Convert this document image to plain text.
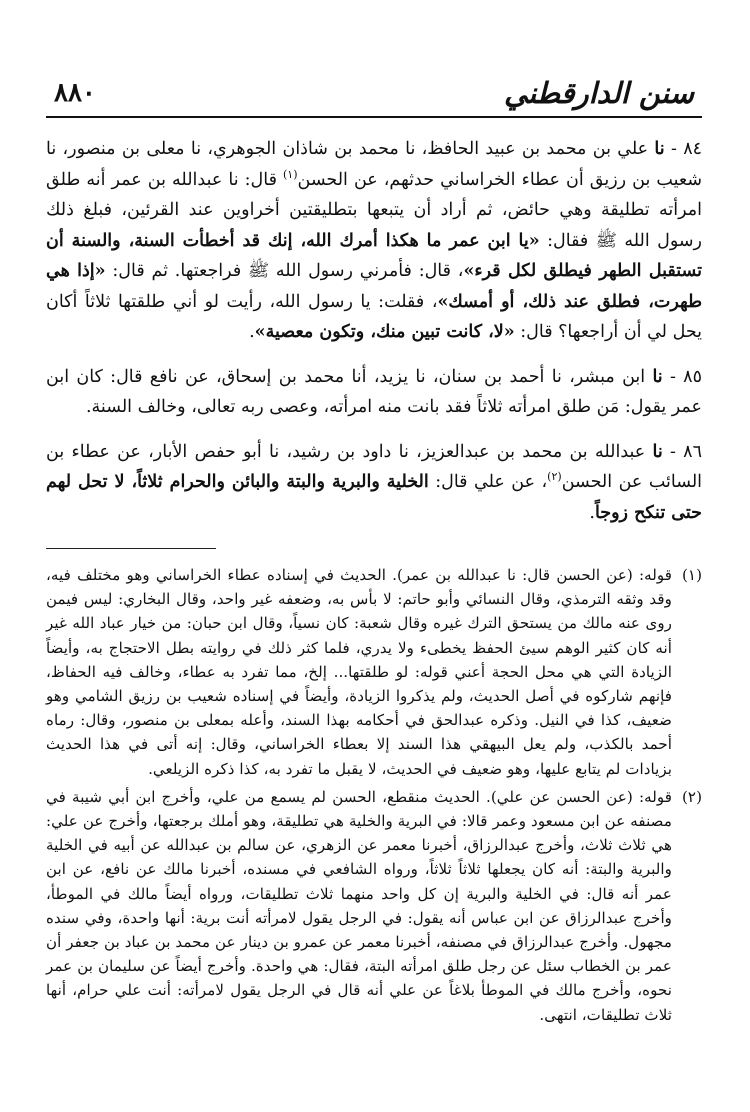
سنن الدارقطني
٨٨٠

٨٤ - نا علي بن محمد بن عبيد الحافظ، نا محمد بن شاذان الجوهري، نا معلى بن منصور، نا شعيب بن رزيق أن عطاء الخراساني حدثهم، عن الحسن$^{(١)}$ قال: نا عبدالله بن عمر أنه طلق امرأته تطليقة وهي حائض، ثم أراد أن يتبعها بتطليقتين أخراوين عند القرئين، فبلغ ذلك رسول الله ﷺ فقال: «يا ابن عمر ما هكذا أمرك الله، إنك قد أخطأت السنة، والسنة أن تستقبل الطهر فيطلق لكل قرء»، قال: فأمرني رسول الله ﷺ فراجعتها. ثم قال: «إذا هي طهرت، فطلق عند ذلك، أو أمسك»، فقلت: يا رسول الله، رأيت لو أني طلقتها ثلاثاً أكان يحل لي أن أراجعها؟ قال: «لا، كانت تبين منك، وتكون معصية».

٨٥ - نا ابن مبشر، نا أحمد بن سنان، نا يزيد، أنا محمد بن إسحاق، عن نافع قال: كان ابن عمر يقول: مَن طلق امرأته ثلاثاً فقد بانت منه امرأته، وعصى ربه تعالى، وخالف السنة.

٨٦ - نا عبدالله بن محمد بن عبدالعزيز، نا داود بن رشيد، نا أبو حفص الأبار، عن عطاء بن السائب عن الحسن$^{(٢)}$، عن علي قال: الخلية والبرية والبتة والبائن والحرام ثلاثاً، لا تحل لهم حتى تنكح زوجاً.

(١)
قوله: (عن الحسن قال: نا عبدالله بن عمر). الحديث في إسناده عطاء الخراساني وهو مختلف فيه، وقد وثقه الترمذي، وقال النسائي وأبو حاتم: لا بأس به، وضعفه غير واحد، وقال البخاري: ليس فيمن روى عنه مالك من يستحق الترك غيره وقال شعبة: كان نسياً، وقال ابن حبان: من خيار عباد الله غير أنه كان كثير الوهم سيئ الحفظ يخطىء ولا يدري، فلما كثر ذلك في روايته بطل الاحتجاج به، وأيضاً الزيادة التي هي محل الحجة أعني قوله: لو طلقتها... إلخ، مما تفرد به عطاء، وخالف فيه الحفاظ، فإنهم شاركوه في أصل الحديث، ولم يذكروا الزيادة، وأيضاً في إسناده شعيب بن رزيق الشامي وهو ضعيف، كذا في النيل. وذكره عبدالحق في أحكامه بهذا السند، وأعله بمعلى بن منصور، وقال: رماه أحمد بالكذب، ولم يعل البيهقي هذا السند إلا بعطاء الخراساني، وقال: إنه أتى في هذا الحديث بزيادات لم يتابع عليها، وهو ضعيف في الحديث، لا يقبل ما تفرد به، كذا ذكره الزيلعي.
(٢)
قوله: (عن الحسن عن علي). الحديث منقطع، الحسن لم يسمع من علي، وأخرج ابن أبي شيبة في مصنفه عن ابن مسعود وعمر قالا: في البرية والخلية هي تطليقة، وهو أملك برجعتها، وأخرج عن علي: هي ثلاث ثلاث، وأخرج عبدالرزاق، أخبرنا معمر عن الزهري، عن سالم بن عبدالله عن أبيه في الخلية والبرية والبتة: أنه كان يجعلها ثلاثاً ثلاثاً، ورواه الشافعي في مسنده، أخبرنا مالك عن نافع، عن ابن عمر أنه قال: في الخلية والبرية إن كل واحد منهما ثلاث تطليقات، ورواه أيضاً مالك في الموطأ، وأخرج عبدالرزاق عن ابن عباس أنه يقول: في الرجل يقول لامرأته أنت برية: أنها واحدة، وفي سنده مجهول. وأخرج عبدالرزاق في مصنفه، أخبرنا معمر عن عمرو بن دينار عن محمد بن عباد بن جعفر أن عمر بن الخطاب سئل عن رجل طلق امرأته البتة، فقال: هي واحدة. وأخرج أيضاً عن سليمان بن عمر نحوه، وأخرج مالك في الموطأ بلاغاً عن علي أنه قال في الرجل يقول لامرأته: أنت علي حرام، أنها ثلاث تطليقات، انتهى.
